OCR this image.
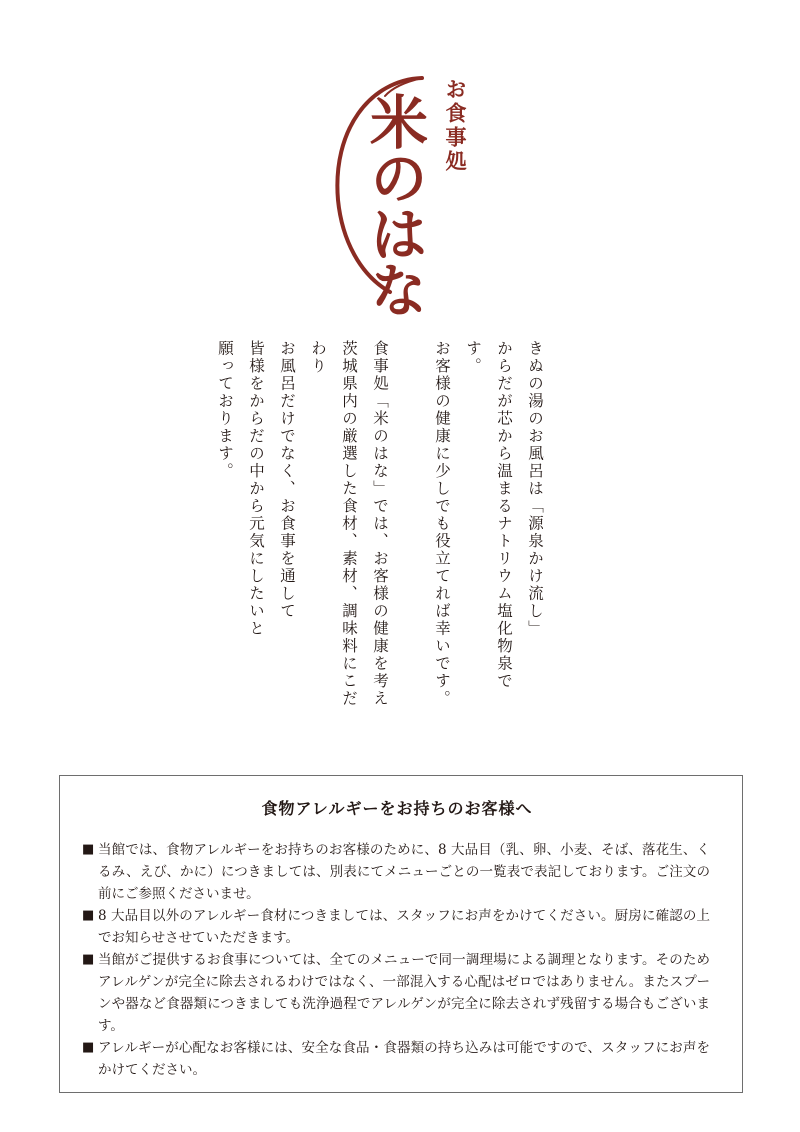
お食事処
米のはな
きぬの湯のお風呂は「源泉かけ流し」
からだが芯から温まるナトリウム塩化物泉です。
お客様の健康に少しでも役立てれば幸いです。
食事処「米のはな」では、お客様の健康を考え
茨城県内の厳選した食材、素材、調味料にこだわり
お風呂だけでなく、お食事を通して
皆様をからだの中から元気にしたいと
願っております。
食物アレルギーをお持ちのお客様へ
■ 当館では、食物アレルギーをお持ちのお客様のために、8 大品目（乳、卵、小麦、そば、落花生、くるみ、えび、かに）につきましては、別表にてメニューごとの一覧表で表記しております。ご注文の前にご参照くださいませ。
■ 8 大品目以外のアレルギー食材につきましては、スタッフにお声をかけてください。厨房に確認の上でお知らせさせていただきます。
■ 当館がご提供するお食事については、全てのメニューで同一調理場による調理となります。そのためアレルゲンが完全に除去されるわけではなく、一部混入する心配はゼロではありません。またスプーンや器など食器類につきましても洗浄過程でアレルゲンが完全に除去されず残留する場合もございます。
■ アレルギーが心配なお客様には、安全な食品・食器類の持ち込みは可能ですので、スタッフにお声をかけてください。
